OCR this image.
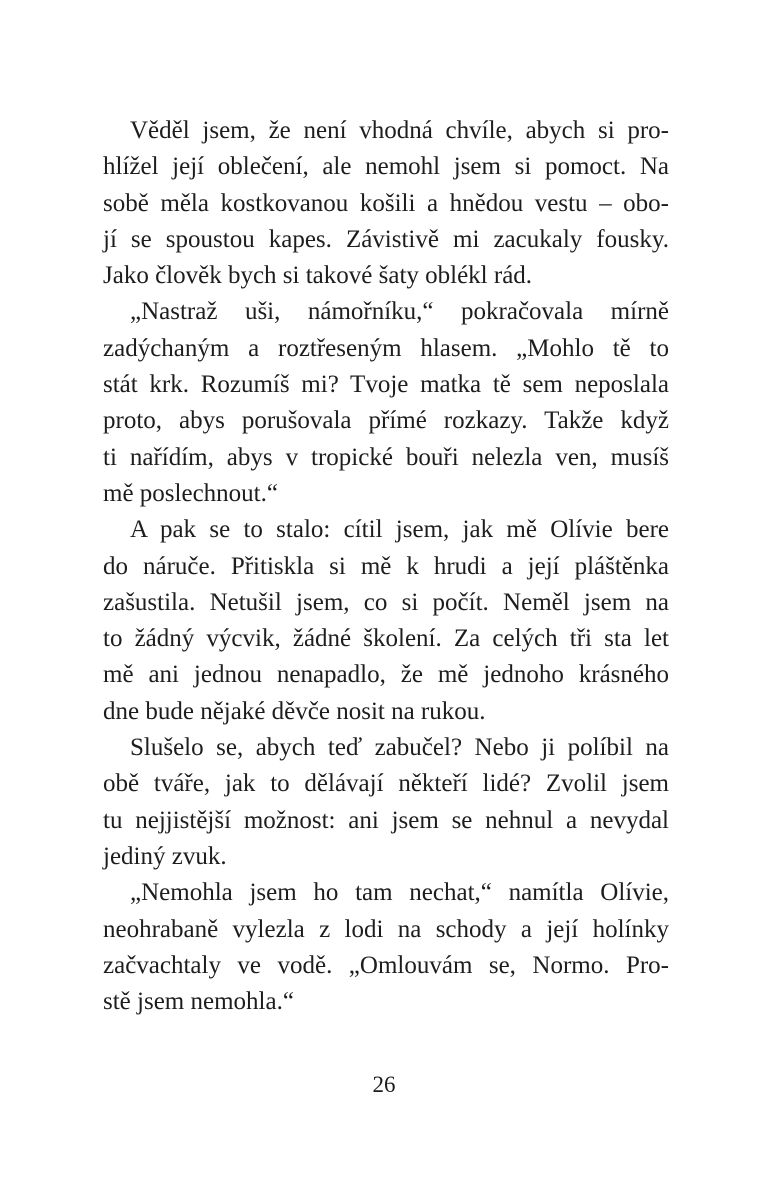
Věděl jsem, že není vhodná chvíle, abych si pro-

hlížel její oblečení, ale nemohl jsem si pomoct. Na

sobě měla kostkovanou košili a hnědou vestu – obo-

jí se spoustou kapes. Závistivě mi zacukaly fousky.

Jako člověk bych si takové šaty oblékl rád.

„Nastraž uši, námořníku,“ pokračovala mírně

zadýchaným a roztřeseným hlasem. „Mohlo tě to

stát krk. Rozumíš mi? Tvoje matka tě sem neposlala

proto, abys porušovala přímé rozkazy. Takže když

ti nařídím, abys v tropické bouři nelezla ven, musíš

mě poslechnout.“

A pak se to stalo: cítil jsem, jak mě Olívie bere

do náruče. Přitiskla si mě k hrudi a její pláštěnka

zašustila. Netušil jsem, co si počít. Neměl jsem na

to žádný výcvik, žádné školení. Za celých tři sta let

mě ani jednou nenapadlo, že mě jednoho krásného

dne bude nějaké děvče nosit na rukou.

Slušelo se, abych teď zabučel? Nebo ji políbil na

obě tváře, jak to dělávají někteří lidé? Zvolil jsem

tu nejjistější možnost: ani jsem se nehnul a nevydal

jediný zvuk.

„Nemohla jsem ho tam nechat,“ namítla Olívie,

neohrabaně vylezla z lodi na schody a její holínky

začvachtaly ve vodě. „Omlouvám se, Normo. Pro-

stě jsem nemohla.“

26
